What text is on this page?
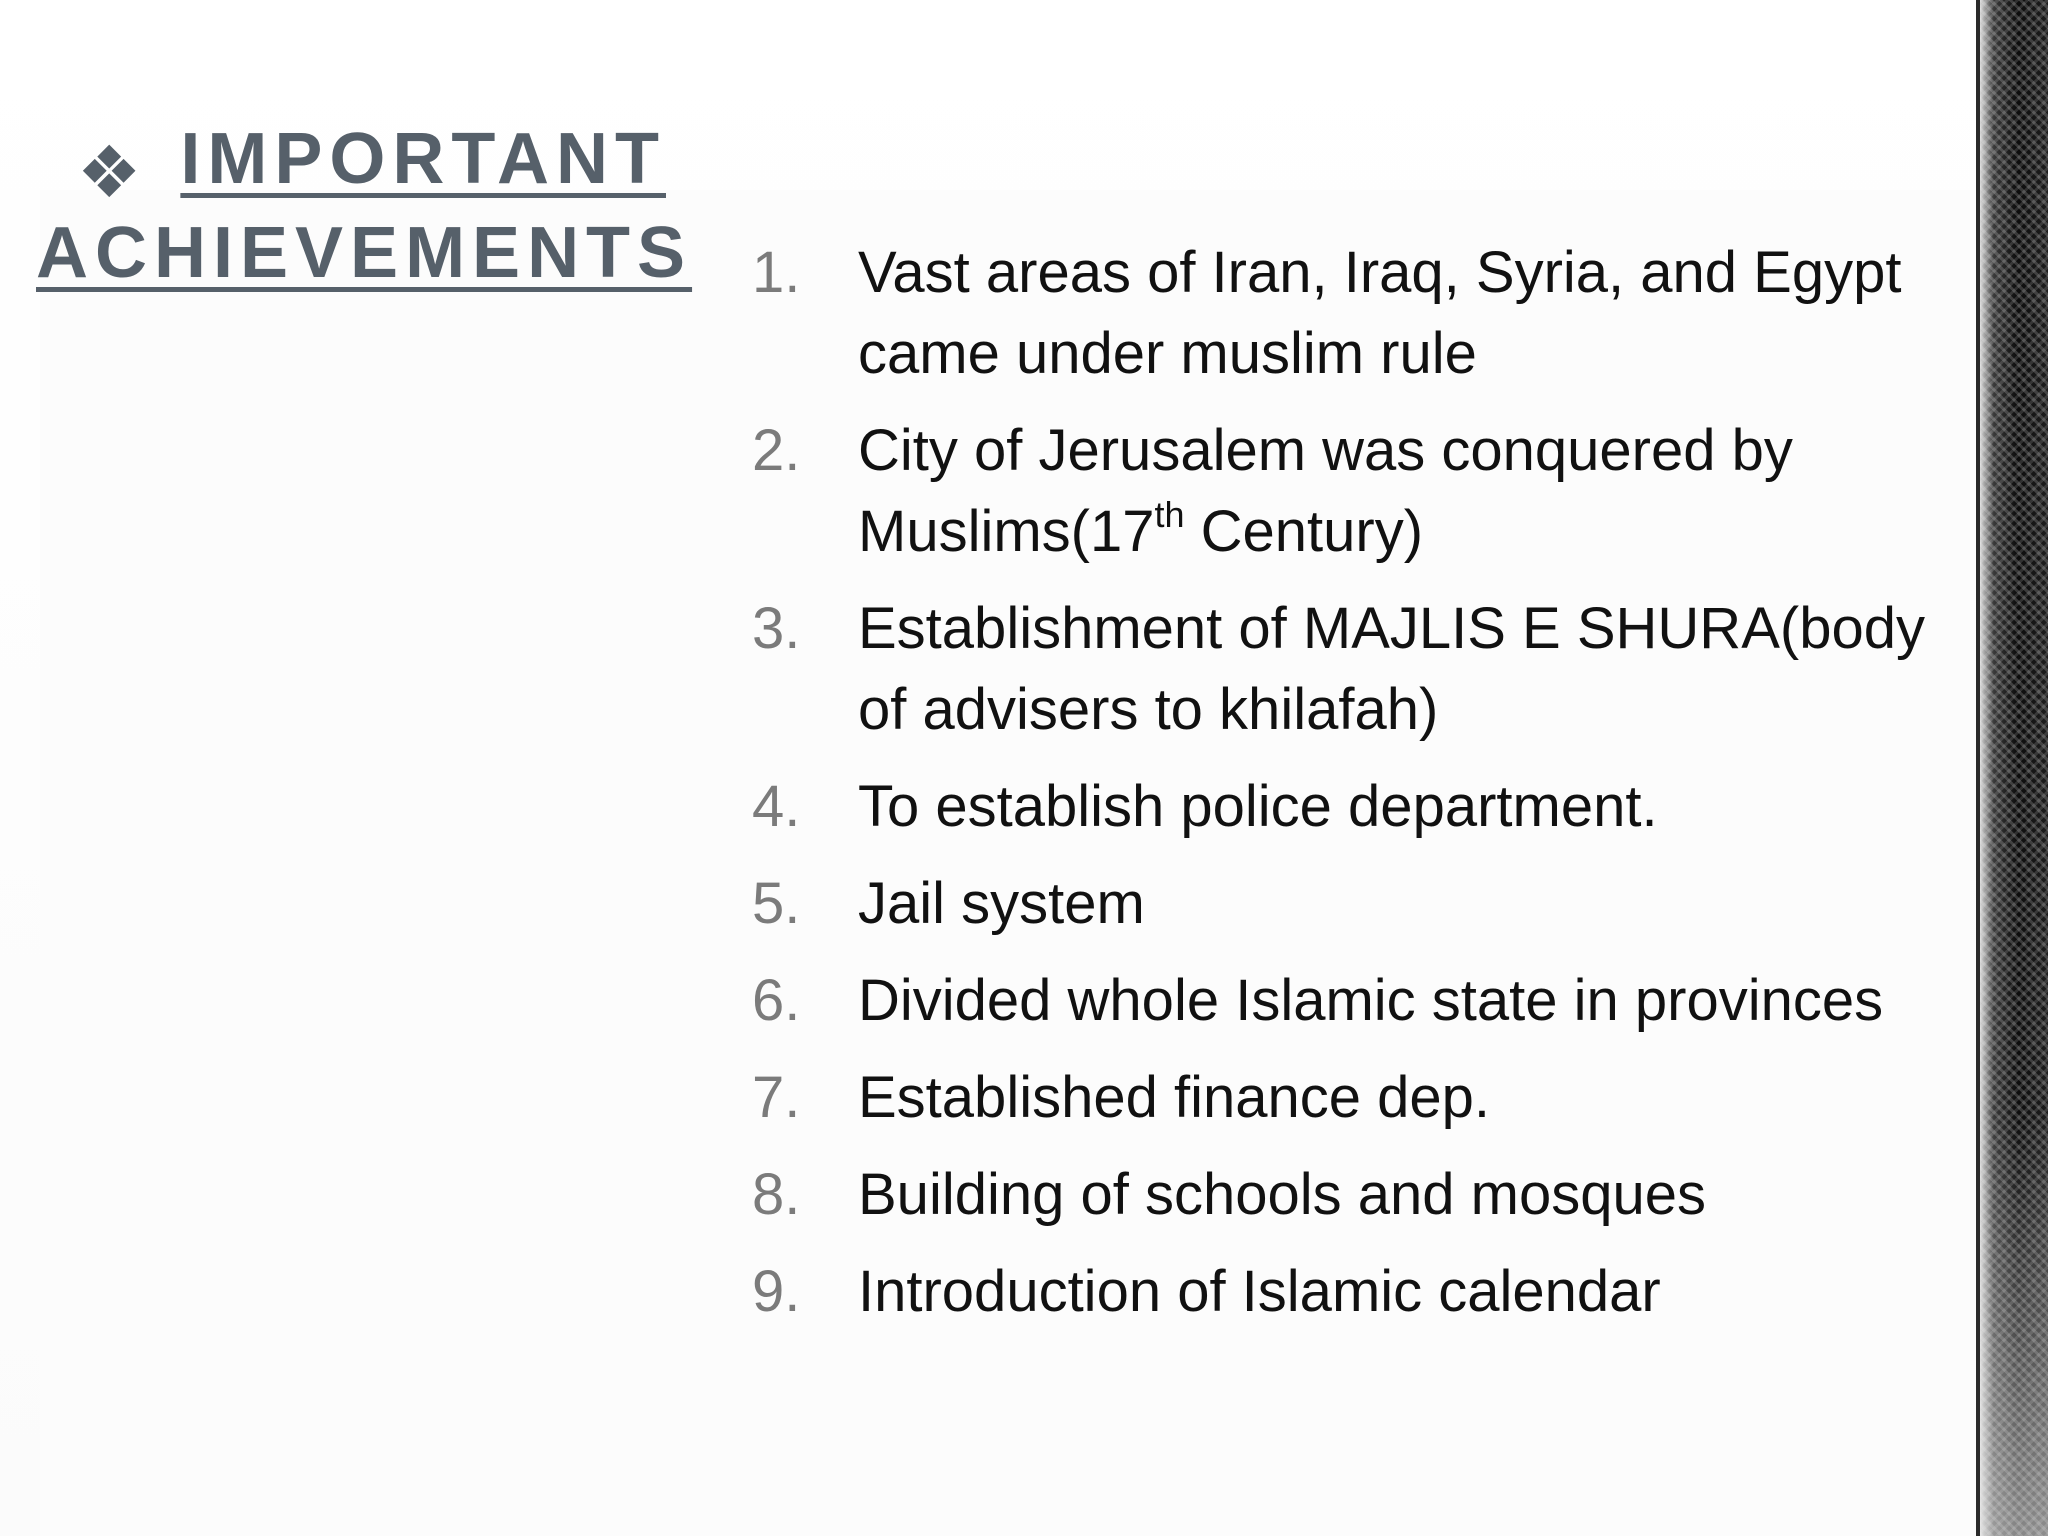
❖ IMPORTANT
ACHIEVEMENTS 1. Vast areas of Iran, Iraq, Syria, and Egypt came under muslim rule
2. City of Jerusalem was conquered by Muslims(17th Century)
3. Establishment of MAJLIS E SHURA(body of advisers to khilafah)
4. To establish police department.
5. Jail system
6. Divided whole Islamic state in provinces
7. Established finance dep.
8. Building of schools and mosques
9. Introduction of Islamic calendar
